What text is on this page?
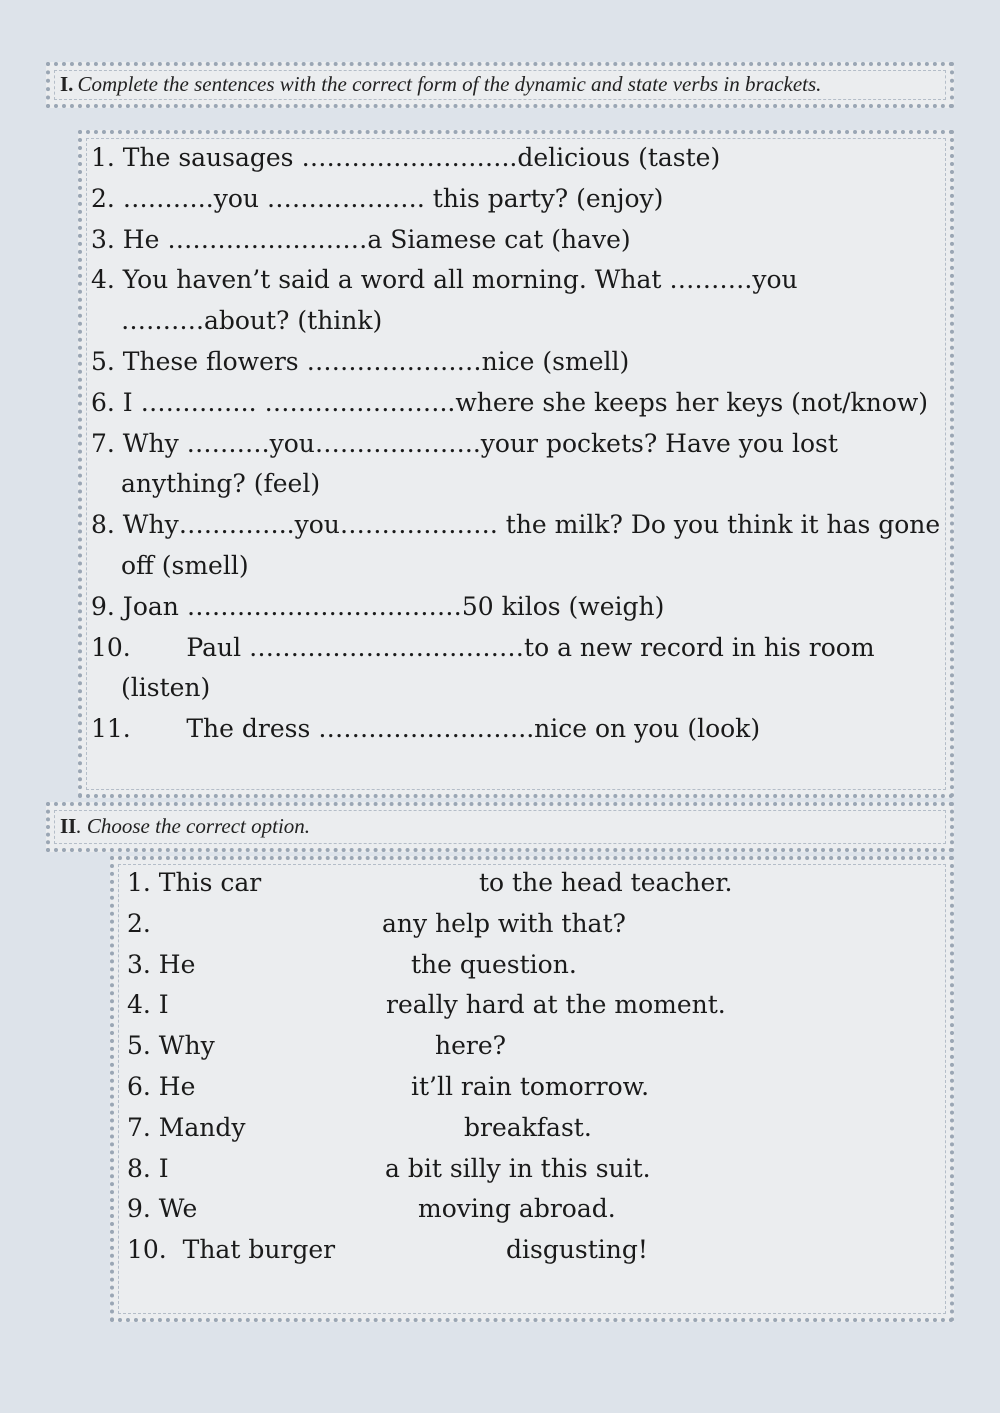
I. Complete the sentences with the correct form of the dynamic and state verbs in brackets.
1. The sausages ……………………..delicious (taste)
2. ………..you ………………. this party? (enjoy)
3. He ……………………a Siamese cat (have)
4. You haven’t said a word all morning. What ……….you
……….about? (think)
5. These flowers …………………nice (smell)
6. I ………….. …………………..where she keeps her keys (not/know)
7. Why ……….you………………..your pockets? Have you lost
anything? (feel)
8. Why…………..you………………. the milk? Do you think it has gone
off (smell)
9. Joan ……………………………50 kilos (weigh)
10.       Paul ……………………………to a new record in his room
(listen)
11.       The dress ……………………..nice on you (look)
II. Choose the correct option.
1. This car	to the head teacher.
2.	any help with that?
3. He	the question.
4. I	really hard at the moment.
5. Why	here?
6. He	it’ll rain tomorrow.
7. Mandy	breakfast.
8. I	a bit silly in this suit.
9. We	moving abroad.
10.  That burger	disgusting!
